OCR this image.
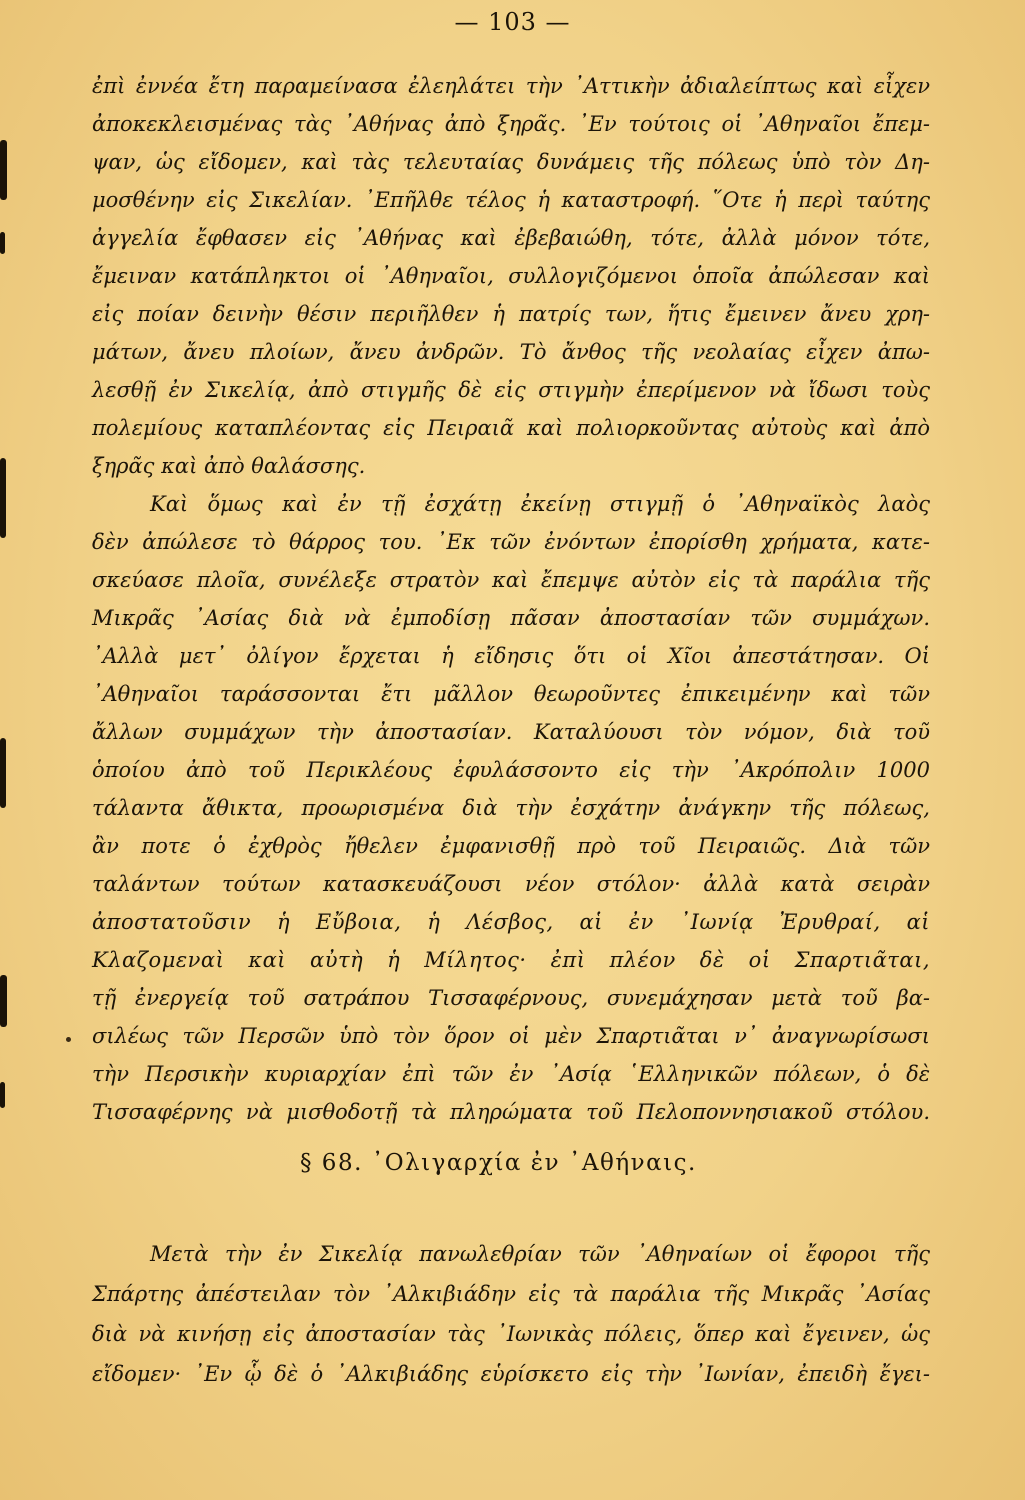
— 103 —

ἐπὶ ἐννέα ἔτη παραμείνασα ἐλεηλάτει τὴν ᾿Αττικὴν ἀδιαλείπτως καὶ εἶχεν

ἀποκεκλεισμένας τὰς ᾿Αθήνας ἀπὸ ξηρᾶς. ᾿Εν τούτοις οἱ ᾿Αθηναῖοι ἔπεμ-

ψαν, ὡς εἴδομεν, καὶ τὰς τελευταίας δυνάμεις τῆς πόλεως ὑπὸ τὸν Δη-

μοσθένην εἰς Σικελίαν. ᾿Επῆλθε τέλος ἡ καταστροφή. ῞Οτε ἡ περὶ ταύτης

ἀγγελία ἔφθασεν εἰς ᾿Αθήνας καὶ ἐβεβαιώθη, τότε, ἀλλὰ μόνον τότε,

ἔμειναν κατάπληκτοι οἱ ᾿Αθηναῖοι, συλλογιζόμενοι ὁποῖα ἀπώλεσαν καὶ

εἰς ποίαν δεινὴν θέσιν περιῆλθεν ἡ πατρίς των, ἥτις ἔμεινεν ἄνευ χρη-

μάτων, ἄνευ πλοίων, ἄνευ ἀνδρῶν. Τὸ ἄνθος τῆς νεολαίας εἶχεν ἀπω-

λεσθῇ ἐν Σικελίᾳ, ἀπὸ στιγμῆς δὲ εἰς στιγμὴν ἐπερίμενον νὰ ἴδωσι τοὺς

πολεμίους καταπλέοντας εἰς Πειραιᾶ καὶ πολιορκοῦντας αὐτοὺς καὶ ἀπὸ

ξηρᾶς καὶ ἀπὸ θαλάσσης.

Καὶ ὅμως καὶ ἐν τῇ ἐσχάτῃ ἐκείνῃ στιγμῇ ὁ ᾿Αθηναϊκὸς λαὸς

δὲν ἀπώλεσε τὸ θάρρος του. ᾿Εκ τῶν ἐνόντων ἐπορίσθη χρήματα, κατε-

σκεύασε πλοῖα, συνέλεξε στρατὸν καὶ ἔπεμψε αὐτὸν εἰς τὰ παράλια τῆς

Μικρᾶς ᾿Ασίας διὰ νὰ ἐμποδίσῃ πᾶσαν ἀποστασίαν τῶν συμμάχων.

᾿Αλλὰ μετ᾿ ὀλίγον ἔρχεται ἡ εἴδησις ὅτι οἱ Χῖοι ἀπεστάτησαν. Οἱ

᾿Αθηναῖοι ταράσσονται ἔτι μᾶλλον θεωροῦντες ἐπικειμένην καὶ τῶν

ἄλλων συμμάχων τὴν ἀποστασίαν. Καταλύουσι τὸν νόμον, διὰ τοῦ

ὁποίου ἀπὸ τοῦ Περικλέους ἐφυλάσσοντο εἰς τὴν ᾿Ακρόπολιν 1000

τάλαντα ἄθικτα, προωρισμένα διὰ τὴν ἐσχάτην ἀνάγκην τῆς πόλεως,

ἂν ποτε ὁ ἐχθρὸς ἤθελεν ἐμφανισθῇ πρὸ τοῦ Πειραιῶς. Διὰ τῶν

ταλάντων τούτων κατασκευάζουσι νέον στόλον· ἀλλὰ κατὰ σειρὰν

ἀποστατοῦσιν ἡ Εὔβοια, ἡ Λέσβος, αἱ ἐν ᾿Ιωνίᾳ Ἐρυθραί, αἱ

Κλαζομεναὶ καὶ αὐτὴ ἡ Μίλητος· ἐπὶ πλέον δὲ οἱ Σπαρτιᾶται,

τῇ ἐνεργείᾳ τοῦ σατράπου Τισσαφέρνους, συνεμάχησαν μετὰ τοῦ βα-

σιλέως τῶν Περσῶν ὑπὸ τὸν ὅρον οἱ μὲν Σπαρτιᾶται ν᾿ ἀναγνωρίσωσι

τὴν Περσικὴν κυριαρχίαν ἐπὶ τῶν ἐν ᾿Ασίᾳ ῾Ελληνικῶν πόλεων, ὁ δὲ

Τισσαφέρνης νὰ μισθοδοτῇ τὰ πληρώματα τοῦ Πελοποννησιακοῦ στόλου.

§ 68. ᾿Ολιγαρχία ἐν ᾿Αθήναις.

Μετὰ τὴν ἐν Σικελίᾳ πανωλεθρίαν τῶν ᾿Αθηναίων οἱ ἔφοροι τῆς

Σπάρτης ἀπέστειλαν τὸν ᾿Αλκιβιάδην εἰς τὰ παράλια τῆς Μικρᾶς ᾿Ασίας

διὰ νὰ κινήσῃ εἰς ἀποστασίαν τὰς ᾿Ιωνικὰς πόλεις, ὅπερ καὶ ἔγεινεν, ὡς

εἴδομεν· ᾿Εν ᾧ δὲ ὁ ᾿Αλκιβιάδης εὑρίσκετο εἰς τὴν ᾿Ιωνίαν, ἐπειδὴ ἔγει-
